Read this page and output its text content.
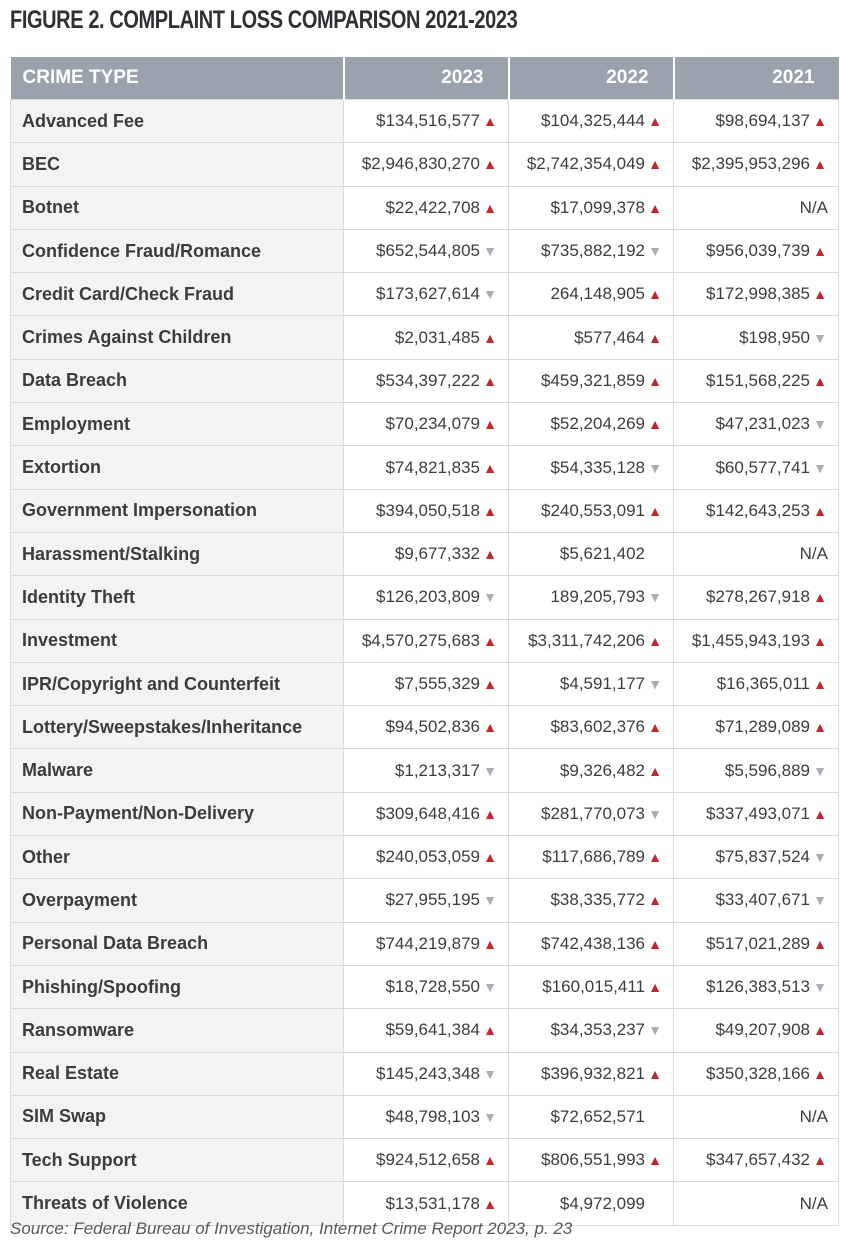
FIGURE 2. COMPLAINT LOSS COMPARISON 2021-2023
CRIME TYPE	2023	2022	2021
Advanced Fee	$134,516,577 ▲	$104,325,444 ▲	$98,694,137 ▲
BEC	$2,946,830,270 ▲	$2,742,354,049 ▲	$2,395,953,296 ▲
Botnet	$22,422,708 ▲	$17,099,378 ▲	N/A
Confidence Fraud/Romance	$652,544,805 ▼	$735,882,192 ▼	$956,039,739 ▲
Credit Card/Check Fraud	$173,627,614 ▼	264,148,905 ▲	$172,998,385 ▲
Crimes Against Children	$2,031,485 ▲	$577,464 ▲	$198,950 ▼
Data Breach	$534,397,222 ▲	$459,321,859 ▲	$151,568,225 ▲
Employment	$70,234,079 ▲	$52,204,269 ▲	$47,231,023 ▼
Extortion	$74,821,835 ▲	$54,335,128 ▼	$60,577,741 ▼
Government Impersonation	$394,050,518 ▲	$240,553,091 ▲	$142,643,253 ▲
Harassment/Stalking	$9,677,332 ▲	$5,621,402	N/A
Identity Theft	$126,203,809 ▼	189,205,793 ▼	$278,267,918 ▲
Investment	$4,570,275,683 ▲	$3,311,742,206 ▲	$1,455,943,193 ▲
IPR/Copyright and Counterfeit	$7,555,329 ▲	$4,591,177 ▼	$16,365,011 ▲
Lottery/Sweepstakes/Inheritance	$94,502,836 ▲	$83,602,376 ▲	$71,289,089 ▲
Malware	$1,213,317 ▼	$9,326,482 ▲	$5,596,889 ▼
Non-Payment/Non-Delivery	$309,648,416 ▲	$281,770,073 ▼	$337,493,071 ▲
Other	$240,053,059 ▲	$117,686,789 ▲	$75,837,524 ▼
Overpayment	$27,955,195 ▼	$38,335,772 ▲	$33,407,671 ▼
Personal Data Breach	$744,219,879 ▲	$742,438,136 ▲	$517,021,289 ▲
Phishing/Spoofing	$18,728,550 ▼	$160,015,411 ▲	$126,383,513 ▼
Ransomware	$59,641,384 ▲	$34,353,237 ▼	$49,207,908 ▲
Real Estate	$145,243,348 ▼	$396,932,821 ▲	$350,328,166 ▲
SIM Swap	$48,798,103 ▼	$72,652,571	N/A
Tech Support	$924,512,658 ▲	$806,551,993 ▲	$347,657,432 ▲
Threats of Violence	$13,531,178 ▲	$4,972,099	N/A

Source: Federal Bureau of Investigation, Internet Crime Report 2023, p. 23
